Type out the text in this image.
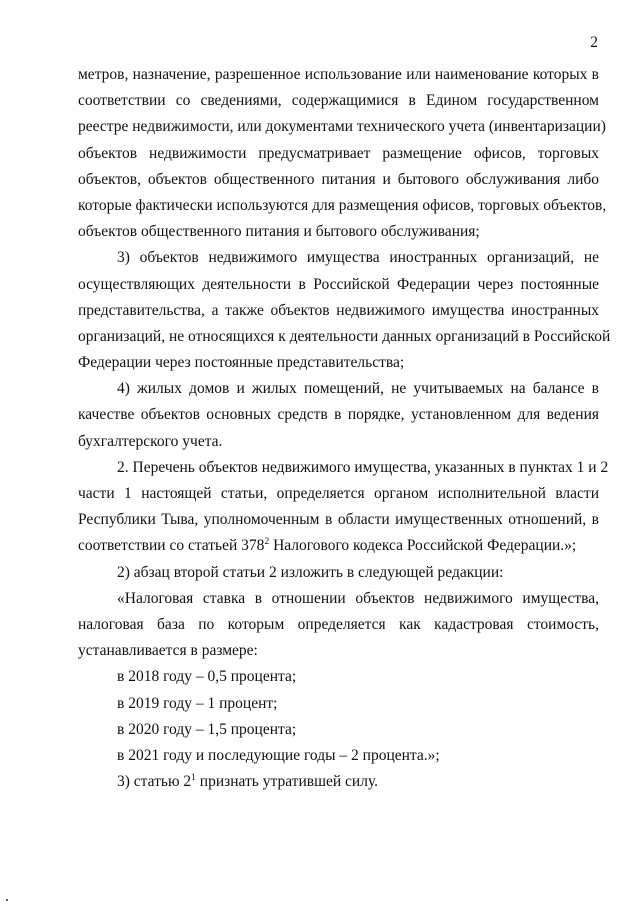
2
метров, назначение, разрешенное использование или наименование которых в
соответствии со сведениями, содержащимися в Едином государственном
реестре недвижимости, или документами технического учета (инвентаризации)
объектов недвижимости предусматривает размещение офисов, торговых
объектов, объектов общественного питания и бытового обслуживания либо
которые фактически используются для размещения офисов, торговых объектов,
объектов общественного питания и бытового обслуживания;
3) объектов недвижимого имущества иностранных организаций, не
осуществляющих деятельности в Российской Федерации через постоянные
представительства, а также объектов недвижимого имущества иностранных
организаций, не относящихся к деятельности данных организаций в Российской
Федерации через постоянные представительства;
4) жилых домов и жилых помещений, не учитываемых на балансе в
качестве объектов основных средств в порядке, установленном для ведения
бухгалтерского учета.
2. Перечень объектов недвижимого имущества, указанных в пунктах 1 и 2
части 1 настоящей статьи, определяется органом исполнительной власти
Республики Тыва, уполномоченным в области имущественных отношений, в
соответствии со статьей $378^2$ Налогового кодекса Российской Федерации.»;
2) абзац второй статьи 2 изложить в следующей редакции:
«Налоговая ставка в отношении объектов недвижимого имущества,
налоговая база по которым определяется как кадастровая стоимость,
устанавливается в размере:
в 2018 году – 0,5 процента;
в 2019 году – 1 процент;
в 2020 году – 1,5 процента;
в 2021 году и последующие годы – 2 процента.»;
3) статью $2^1$ признать утратившей силу.
